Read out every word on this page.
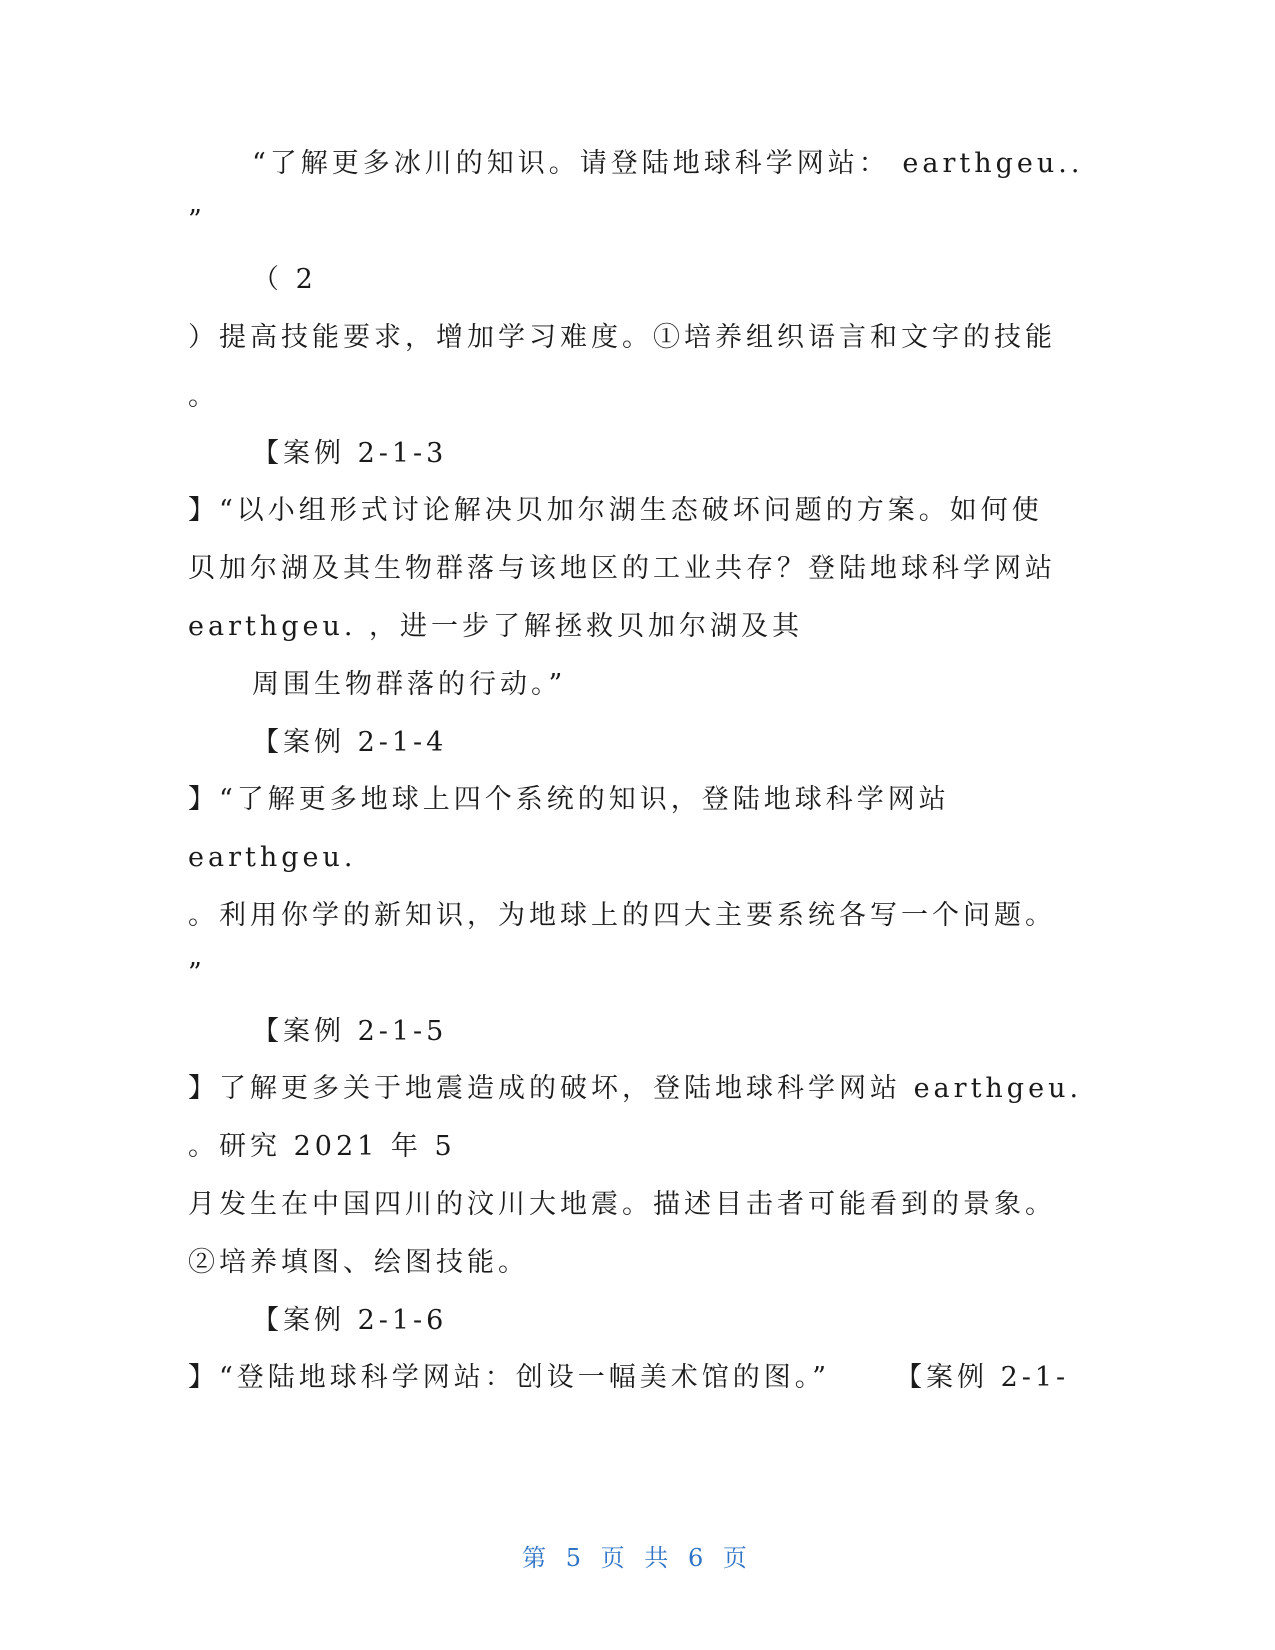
“了解更多冰川的知识。请登陆地球科学网站： earthgeu..
”
（ 2
）提高技能要求，增加学习难度。①培养组织语言和文字的技能
。
【案例 2-1-3
】“以小组形式讨论解决贝加尔湖生态破坏问题的方案。如何使
贝加尔湖及其生物群落与该地区的工业共存？登陆地球科学网站
earthgeu. ，进一步了解拯救贝加尔湖及其
周围生物群落的行动。”
【案例 2-1-4
】“了解更多地球上四个系统的知识，登陆地球科学网站
earthgeu.
。利用你学的新知识，为地球上的四大主要系统各写一个问题。
”
【案例 2-1-5
】了解更多关于地震造成的破坏，登陆地球科学网站 earthgeu.
。研究 2021 年 5
月发生在中国四川的汶川大地震。描述目击者可能看到的景象。
②培养填图、绘图技能。
【案例 2-1-6
】“登陆地球科学网站：创设一幅美术馆的图。” 【案例 2-1-
第 5 页 共 6 页
